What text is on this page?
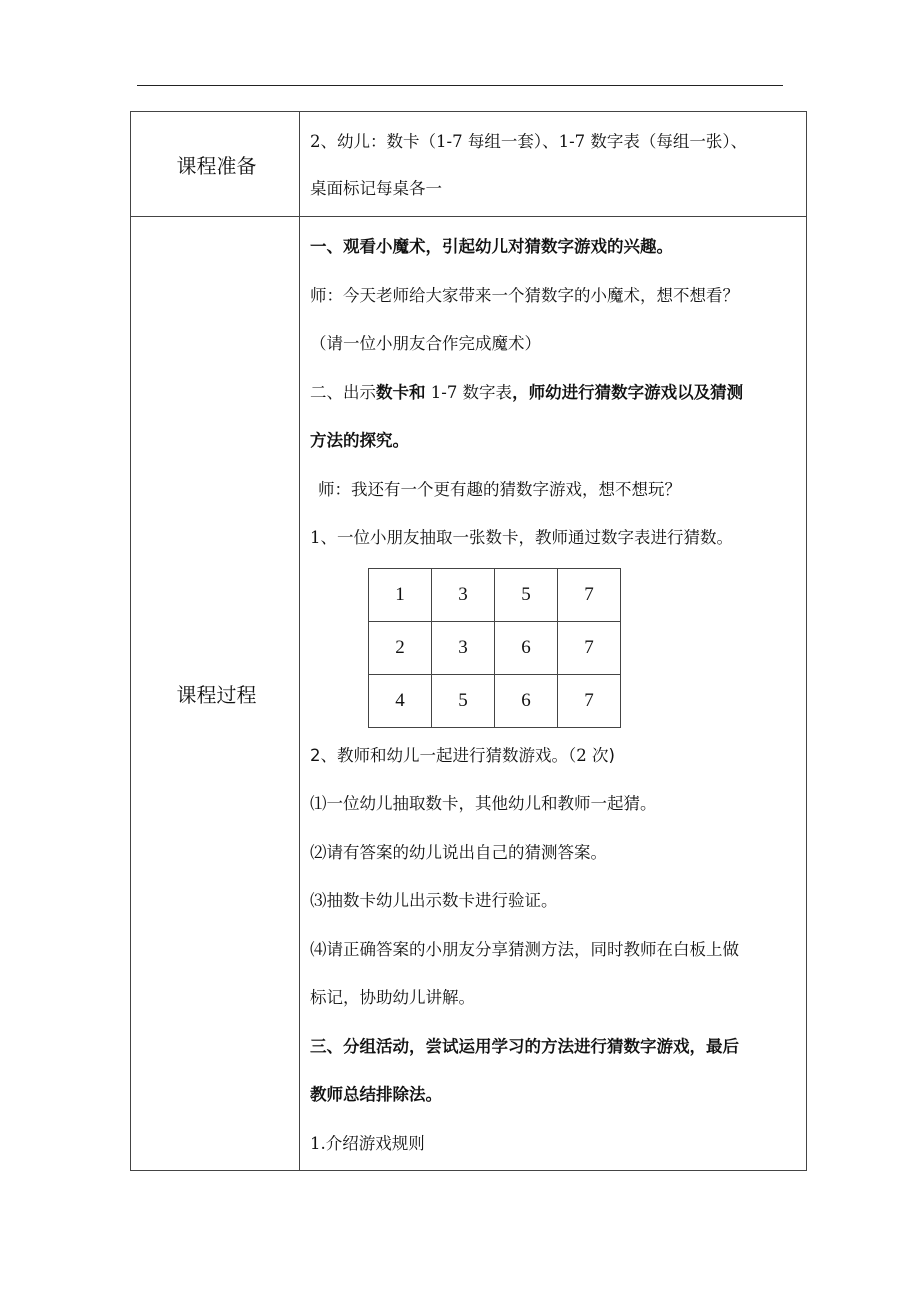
课程准备	

2、幼儿：数卡（1-7 每组一套）、1-7 数字表（每组一张）、

桌面标记每桌各一

课程过程	

一、观看小魔术，引起幼儿对猜数字游戏的兴趣。

师：今天老师给大家带来一个猜数字的小魔术，想不想看？

（请一位小朋友合作完成魔术）

二、出示数卡和 1-7 数字表，师幼进行猜数字游戏以及猜测

方法的探究。

师：我还有一个更有趣的猜数字游戏，想不想玩？

1、一位小朋友抽取一张数卡，教师通过数字表进行猜数。

1	3	5	7
2	3	6	7
4	5	6	7

2、教师和幼儿一起进行猜数游戏。（2 次)

⑴一位幼儿抽取数卡，其他幼儿和教师一起猜。

⑵请有答案的幼儿说出自己的猜测答案。

⑶抽数卡幼儿出示数卡进行验证。

⑷请正确答案的小朋友分享猜测方法，同时教师在白板上做

标记，协助幼儿讲解。

三、分组活动，尝试运用学习的方法进行猜数字游戏，最后

教师总结排除法。

1.介绍游戏规则
